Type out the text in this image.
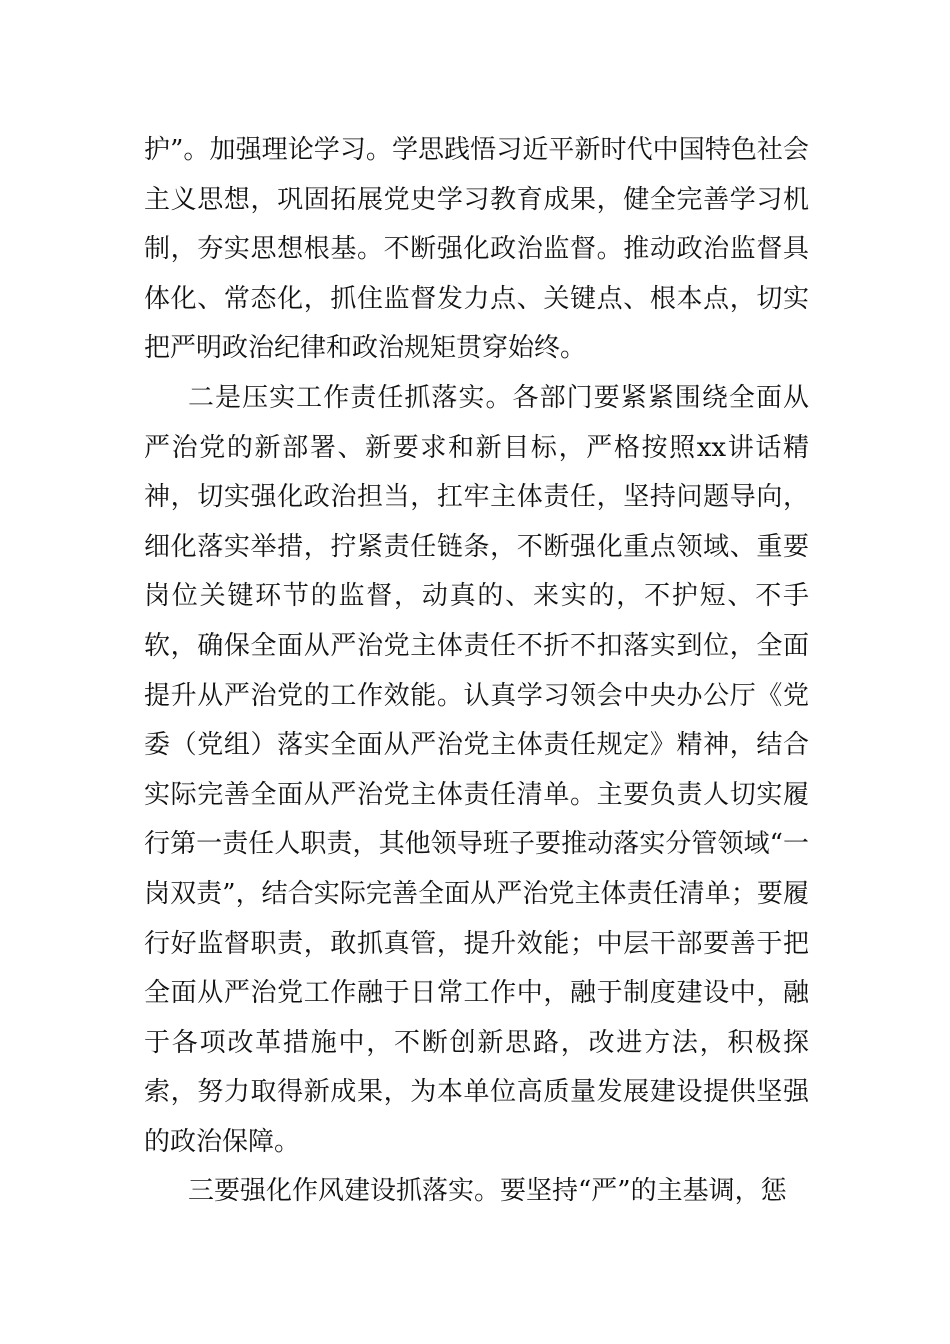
护”。加强理论学习。学思践悟习近平新时代中国特色社会主义思想，巩固拓展党史学习教育成果，健全完善学习机制，夯实思想根基。不断强化政治监督。推动政治监督具体化、常态化，抓住监督发力点、关键点、根本点，切实把严明政治纪律和政治规矩贯穿始终。

二是压实工作责任抓落实。各部门要紧紧围绕全面从严治党的新部署、新要求和新目标，严格按照xx讲话精神，切实强化政治担当，扛牢主体责任，坚持问题导向，细化落实举措，拧紧责任链条，不断强化重点领域、重要岗位关键环节的监督，动真的、来实的，不护短、不手软，确保全面从严治党主体责任不折不扣落实到位，全面提升从严治党的工作效能。认真学习领会中央办公厅《党委（党组）落实全面从严治党主体责任规定》精神，结合实际完善全面从严治党主体责任清单。主要负责人切实履行第一责任人职责，其他领导班子要推动落实分管领域“一岗双责”，结合实际完善全面从严治党主体责任清单；要履行好监督职责，敢抓真管，提升效能；中层干部要善于把全面从严治党工作融于日常工作中，融于制度建设中，融于各项改革措施中，不断创新思路，改进方法，积极探索，努力取得新成果，为本单位高质量发展建设提供坚强的政治保障。

三要强化作风建设抓落实。要坚持“严”的主基调，惩
